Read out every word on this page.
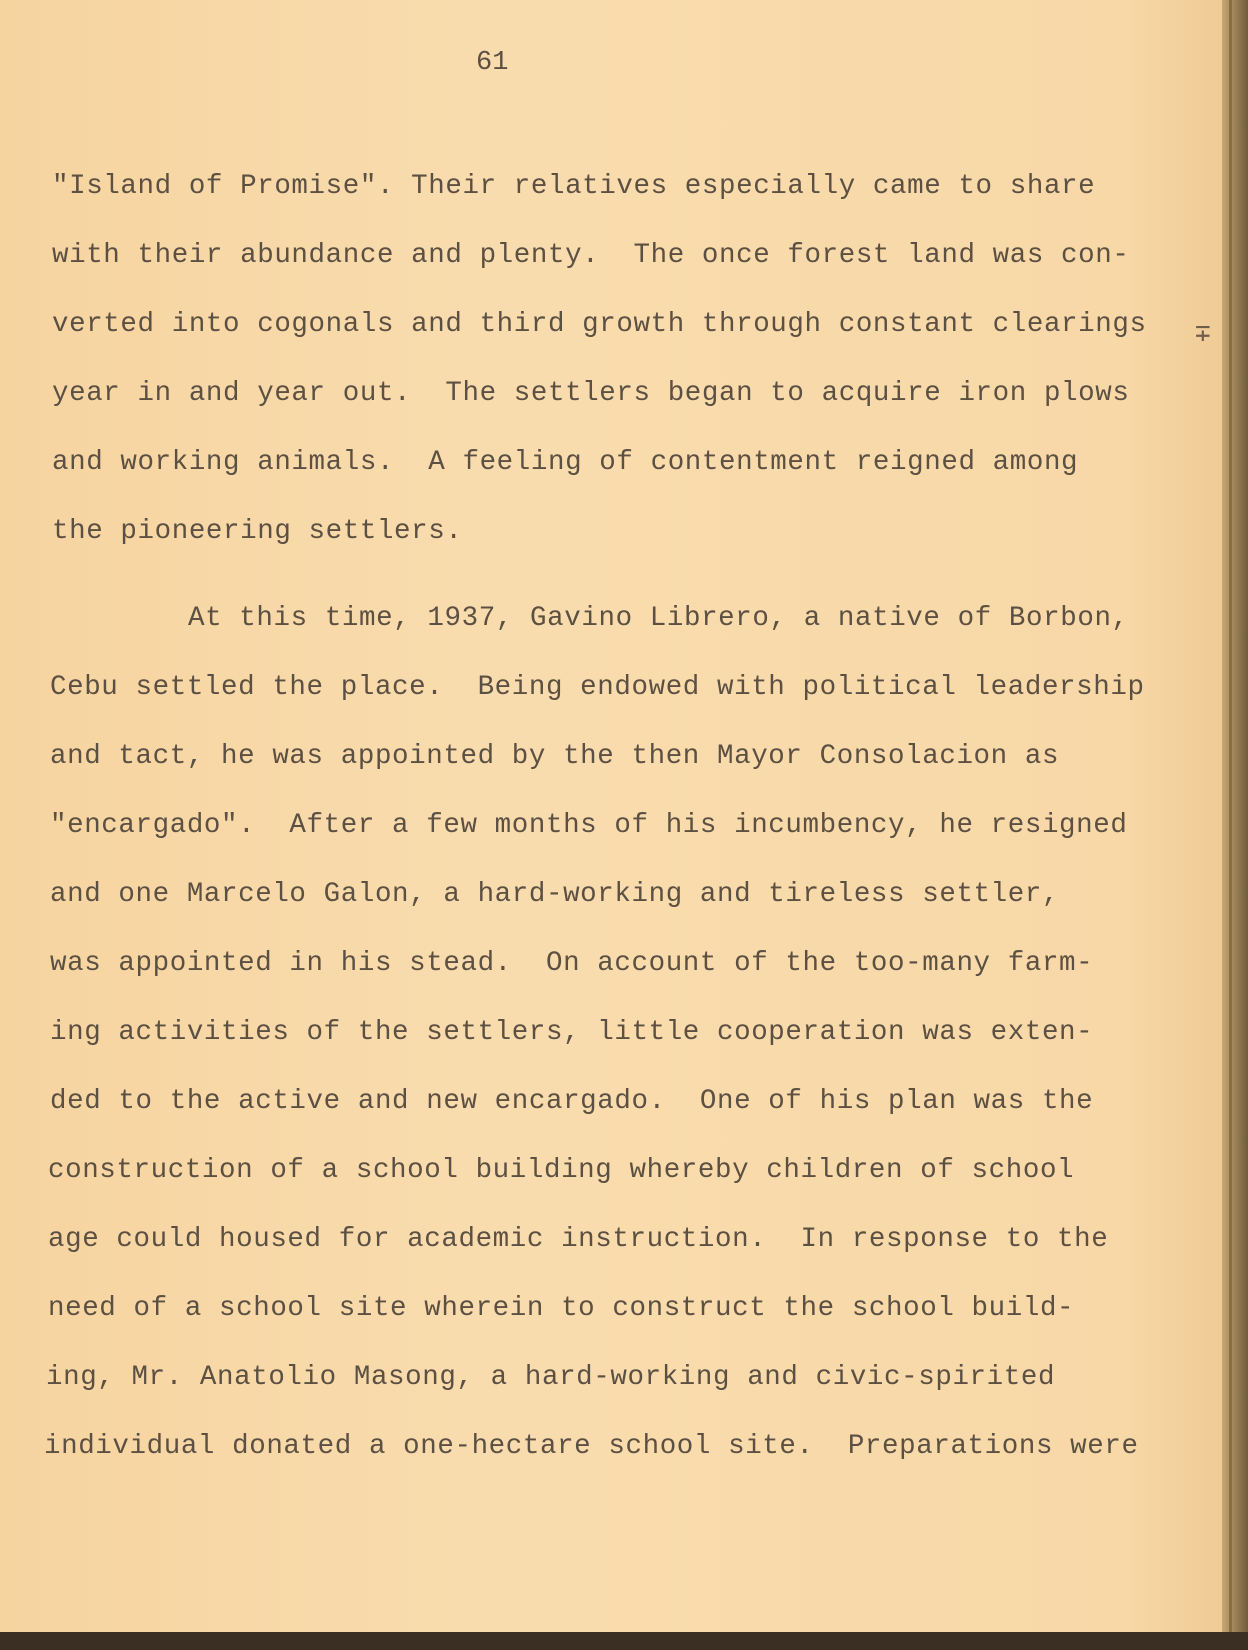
61
"Island of Promise". Their relatives especially came to share
with their abundance and plenty.  The once forest land was con-
verted into cogonals and third growth through constant clearings
year in and year out.  The settlers began to acquire iron plows
and working animals.  A feeling of contentment reigned among
the pioneering settlers.
At this time, 1937, Gavino Librero, a native of Borbon,
Cebu settled the place.  Being endowed with political leadership
and tact, he was appointed by the then Mayor Consolacion as
"encargado".  After a few months of his incumbency, he resigned
and one Marcelo Galon, a hard-working and tireless settler,
was appointed in his stead.  On account of the too-many farm-
ing activities of the settlers, little cooperation was exten-
ded to the active and new encargado.  One of his plan was the
construction of a school building whereby children of school
age could housed for academic instruction.  In response to the
need of a school site wherein to construct the school build-
ing, Mr. Anatolio Masong, a hard-working and civic-spirited
individual donated a one-hectare school site.  Preparations were
∓
